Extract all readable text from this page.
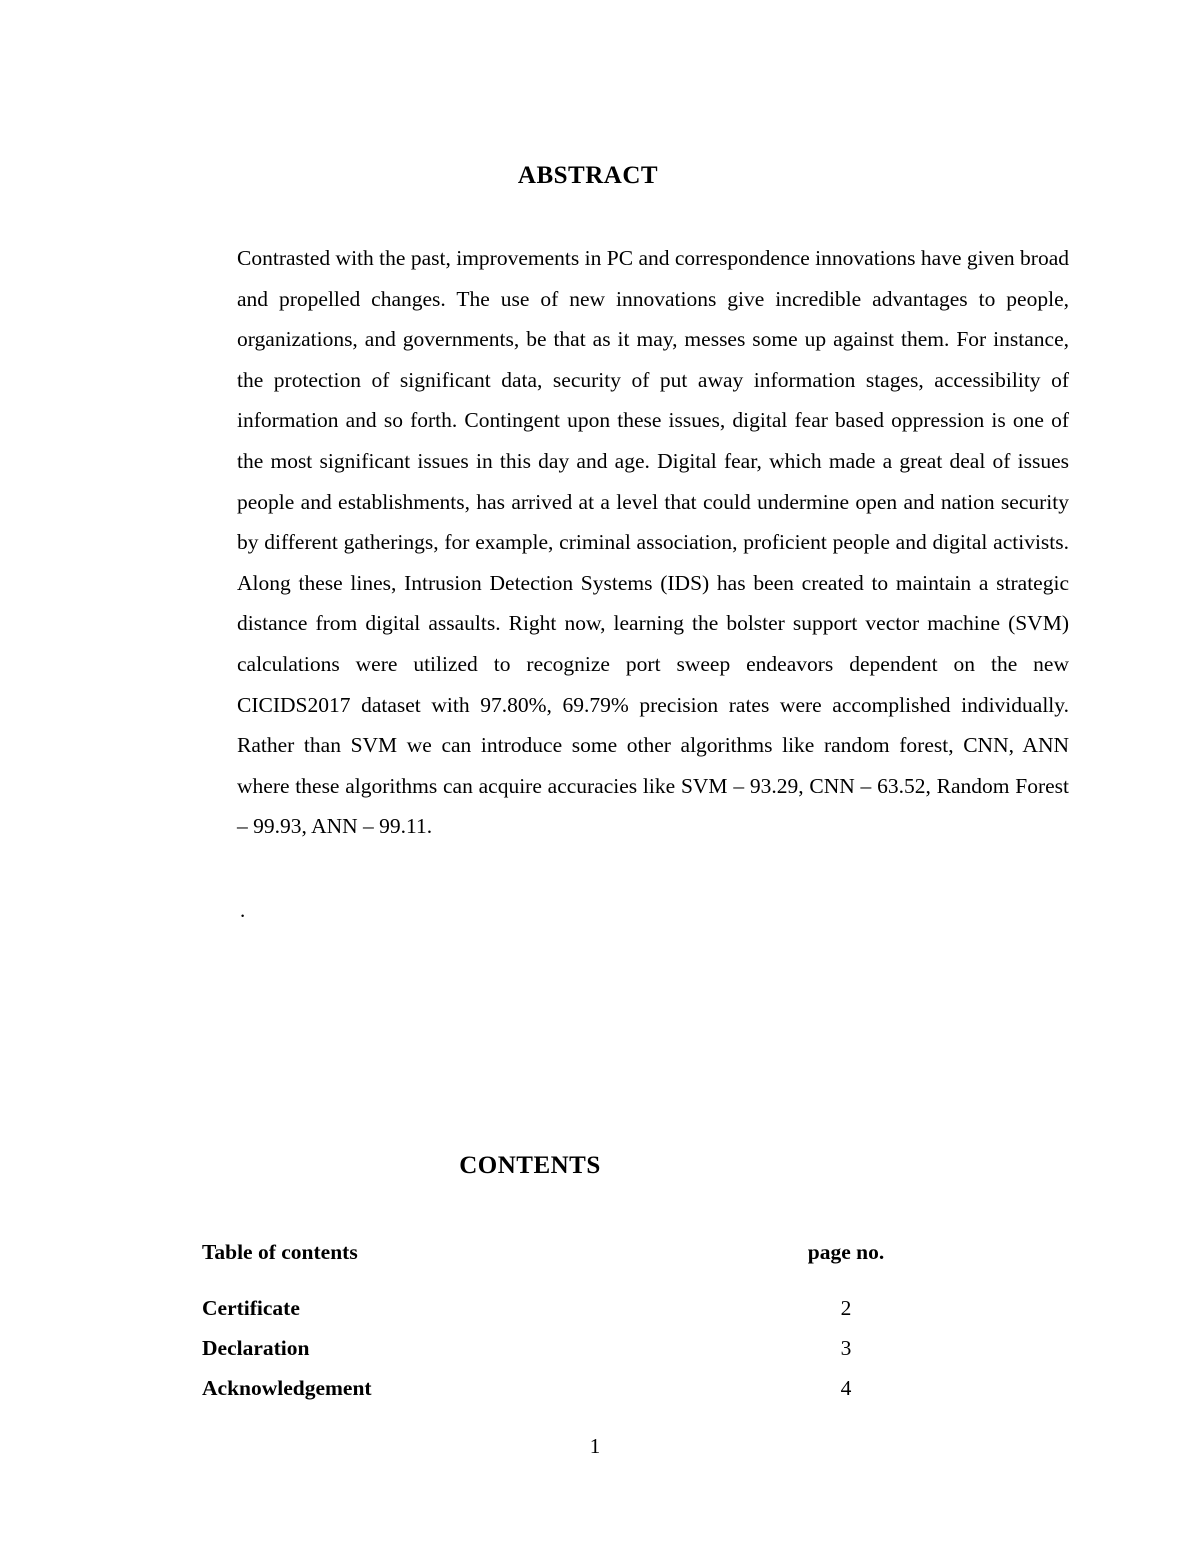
ABSTRACT

Contrasted with the past, improvements in PC and correspondence innovations have given broad and propelled changes. The use of new innovations give incredible advantages to people, organizations, and governments, be that as it may, messes some up against them. For instance, the protection of significant data, security of put away information stages, accessibility of information and so forth. Contingent upon these issues, digital fear based oppression is one of the most significant issues in this day and age. Digital fear, which made a great deal of issues people and establishments, has arrived at a level that could undermine open and nation security by different gatherings, for example, criminal association, proficient people and digital activists. Along these lines, Intrusion Detection Systems (IDS) has been created to maintain a strategic distance from digital assaults. Right now, learning the bolster support vector machine (SVM) calculations were utilized to recognize port sweep endeavors dependent on the new CICIDS2017 dataset with 97.80%, 69.79% precision rates were accomplished individually. Rather than SVM we can introduce some other algorithms like random forest, CNN, ANN where these algorithms can acquire accuracies like SVM – 93.29, CNN – 63.52, Random Forest – 99.93, ANN – 99.11.

.
CONTENTS
Table of contents	page no.
Certificate	2
Declaration	3
Acknowledgement	4
1
